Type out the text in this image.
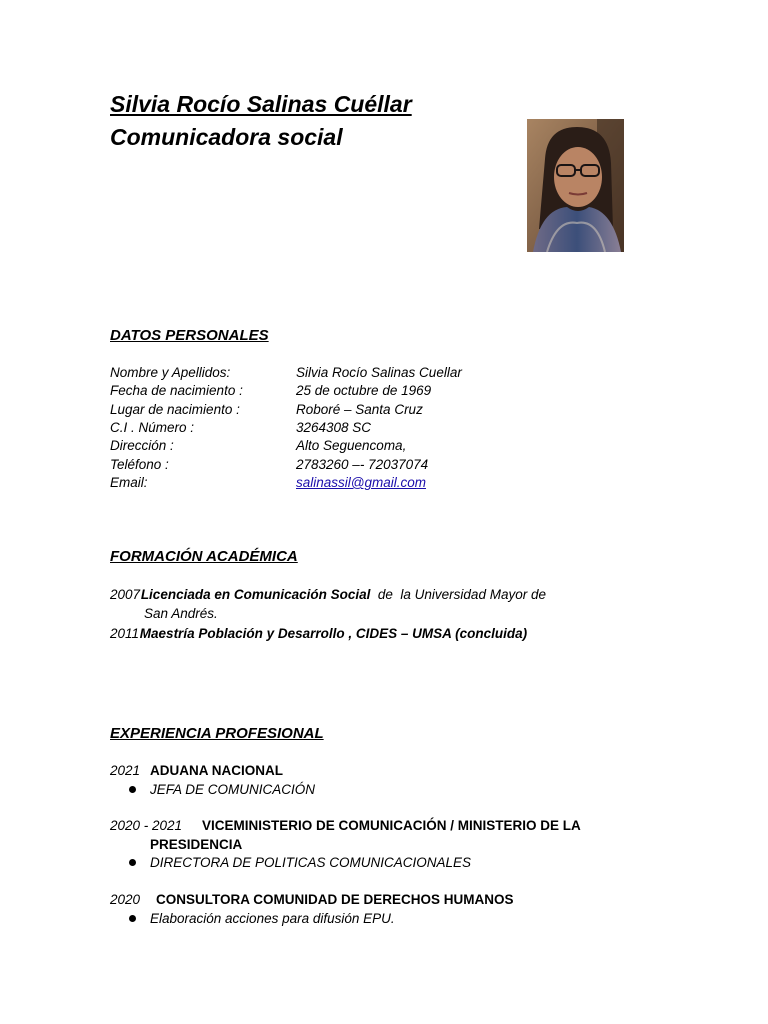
Silvia Rocío Salinas Cuéllar
Comunicadora social
DATOS PERSONALES
Nombre y Apellidos:	Silvia Rocío Salinas Cuellar
Fecha de nacimiento :	25 de octubre de 1969
Lugar de nacimiento :	Roboré – Santa Cruz
C.I . Número :	3264308 SC
Dirección :	Alto Seguencoma,
Teléfono :	2783260 –- 72037074
Email:	salinassil@gmail.com
FORMACIÓN ACADÉMICA
2007 Licenciada en Comunicación Social  de  la Universidad Mayor de
San Andrés.
2011 Maestría Población y Desarrollo , CIDES – UMSA (concluida)
EXPERIENCIA PROFESIONAL
2021 ADUANA NACIONAL
JEFA DE COMUNICACIÓN
2020 - 2021 VICEMINISTERIO DE COMUNICACIÓN / MINISTERIO DE LA
PRESIDENCIA
DIRECTORA DE POLITICAS COMUNICACIONALES
2020 CONSULTORA COMUNIDAD DE DERECHOS HUMANOS
Elaboración acciones para difusión EPU.
